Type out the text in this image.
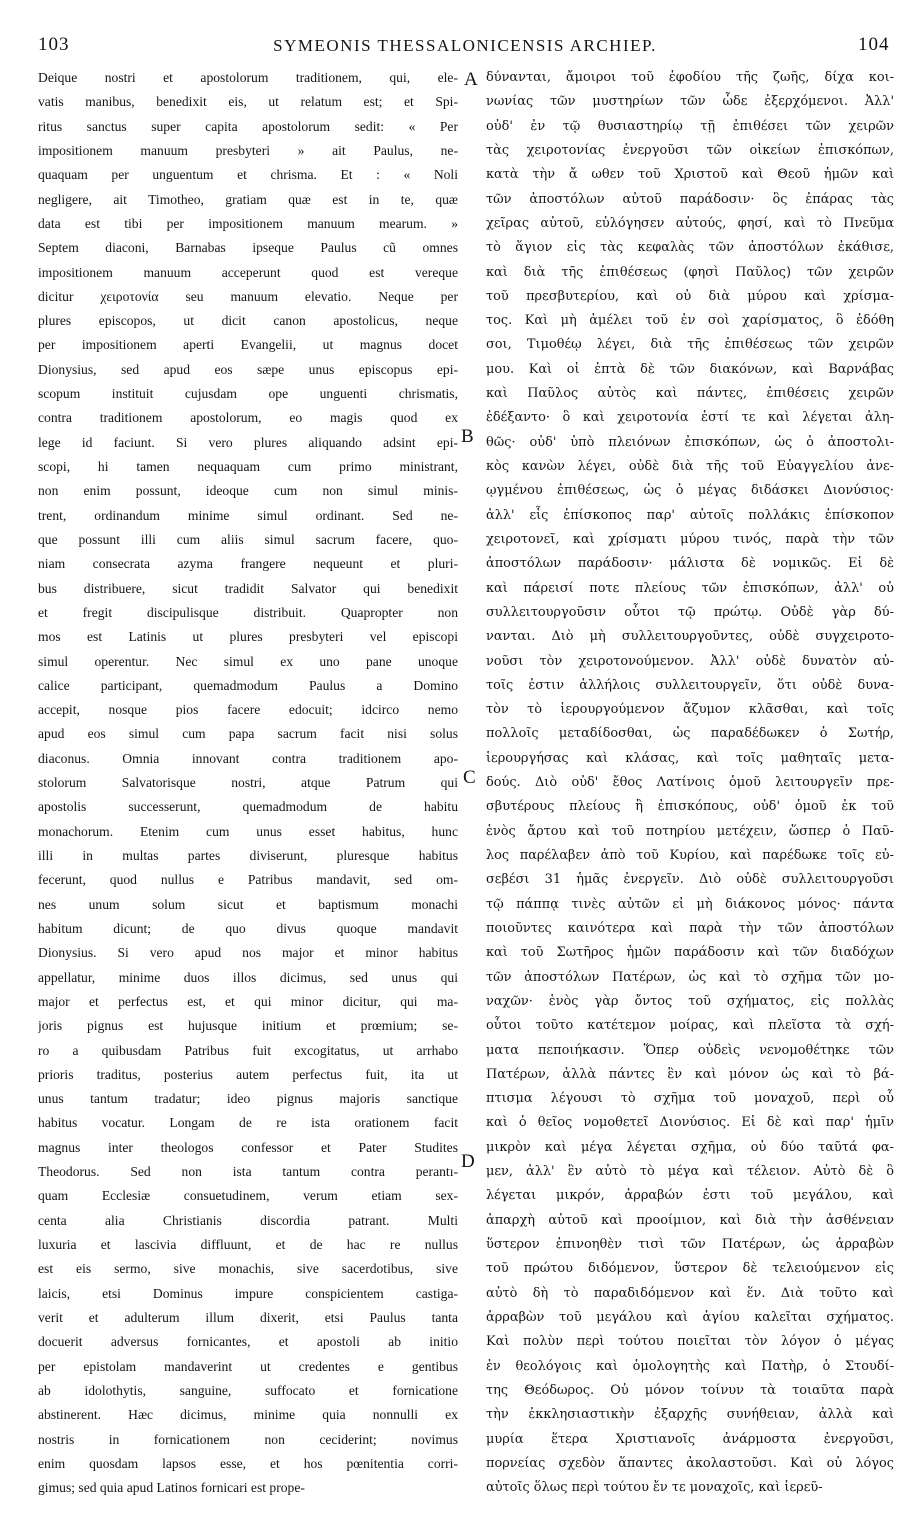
103	SYMEONIS THESSALONICENSIS ARCHIEP.	104
Deique nostri et apostolorum traditionem, qui, ele-
vatis manibus, benedixit eis, ut relatum est; et Spi-
ritus sanctus super capita apostolorum sedit: « Per
impositionem manuum presbyteri » ait Paulus, ne-
quaquam per unguentum et chrisma. Et : « Noli
negligere, ait Timotheo, gratiam quæ est in te, quæ
data est tibi per impositionem manuum mearum. »
Septem diaconi, Barnabas ipseque Paulus cũ omnes
impositionem manuum acceperunt quod est vereque
dicitur χειροτονία seu manuum elevatio. Neque per
plures episcopos, ut dicit canon apostolicus, neque
per impositionem aperti Evangelii, ut magnus docet
Dionysius, sed apud eos sæpe unus episcopus epi-
scopum instituit cujusdam ope unguenti chrismatis,
contra traditionem apostolorum, eo magis quod ex
lege id faciunt. Si vero plures aliquando adsint epi-
scopi, hi tamen nequaquam cum primo ministrant,
non enim possunt, ideoque cum non simul minis-
trent, ordinandum minime simul ordinant. Sed ne-
que possunt illi cum aliis simul sacrum facere, quo-
niam consecrata azyma frangere nequeunt et pluri-
bus distribuere, sicut tradidit Salvator qui benedixit
et fregit discipulisque distribuit. Quapropter non
mos est Latinis ut plures presbyteri vel episcopi
simul operentur. Nec simul ex uno pane unoque
calice participant, quemadmodum Paulus a Domino
accepit, nosque pios facere edocuit; idcirco nemo
apud eos simul cum papa sacrum facit nisi solus
diaconus. Omnia innovant contra traditionem apo-
stolorum Salvatorisque nostri, atque Patrum qui
apostolis successerunt, quemadmodum de habitu
monachorum. Etenim cum unus esset habitus, hunc
illi in multas partes diviserunt, pluresque habitus
fecerunt, quod nullus e Patribus mandavit, sed om-
nes unum solum sicut et baptismum monachi
habitum dicunt; de quo divus quoque mandavit
Dionysius. Si vero apud nos major et minor habitus
appellatur, minime duos illos dicimus, sed unus qui
major et perfectus est, et qui minor dicitur, qui ma-
joris pignus est hujusque initium et prœmium; se-
ro a quibusdam Patribus fuit excogitatus, ut arrhabo
prioris traditus, posterius autem perfectus fuit, ita ut
unus tantum tradatur; ideo pignus majoris sanctique
habitus vocatur. Longam de re ista orationem facit
magnus inter theologos confessor et Pater Studites
Theodorus. Sed non ista tantum contra perantı-
quam Ecclesiæ consuetudinem, verum etiam sex-
centa alia Christianis discordia patrant. Multi
luxuria et lascivia diffluunt, et de hac re nullus
est eis sermo, sive monachis, sive sacerdotibus, sive
laicis, etsi Dominus impure conspicientem castiga-
verit et adulterum illum dixerit, etsi Paulus tanta
docuerit adversus fornicantes, et apostoli ab initio
per epistolam mandaverint ut credentes e gentibus
ab idolothytis, sanguine, suffocato et fornicatione
abstinerent. Hæc dicimus, minime quia nonnulli ex
nostris in fornicationem non ceciderint; novimus
enim quosdam lapsos esse, et hos pœnitentia corri-
gimus; sed quia apud Latinos fornicari est prope-
δύνανται, ἄμοιροι τοῦ ἐφοδίου τῆς ζωῆς, δίχα κοι-
νωνίας τῶν μυστηρίων τῶν ὧδε ἐξερχόμενοι. Ἀλλ'
οὐδ' ἐν τῷ θυσιαστηρίῳ τῇ ἐπιθέσει τῶν χειρῶν
τὰς χειροτονίας ἐνεργοῦσι τῶν οἰκείων ἐπισκόπων,
κατὰ τὴν ἄ ωθεν τοῦ Χριστοῦ καὶ Θεοῦ ἡμῶν καὶ
τῶν ἀποστόλων αὐτοῦ παράδοσιν· ὃς ἐπάρας τὰς
χεῖρας αὐτοῦ, εὐλόγησεν αὐτούς, φησί, καὶ τὸ Πνεῦμα
τὸ ἅγιον εἰς τὰς κεφαλὰς τῶν ἀποστόλων ἐκάθισε,
καὶ διὰ τῆς ἐπιθέσεως (φησὶ Παῦλος) τῶν χειρῶν
τοῦ πρεσβυτερίου, καὶ οὐ διὰ μύρου καὶ χρίσμα-
τος. Καὶ μὴ ἀμέλει τοῦ ἐν σοὶ χαρίσματος, ὃ ἐδόθη
σοι, Τιμοθέῳ λέγει, διὰ τῆς ἐπιθέσεως τῶν χειρῶν
μου. Καὶ οἱ ἑπτὰ δὲ τῶν διακόνων, καὶ Βαρνάβας
καὶ Παῦλος αὐτὸς καὶ πάντες, ἐπιθέσεις χειρῶν
ἐδέξαντο· ὃ καὶ χειροτονία ἐστί τε καὶ λέγεται ἀλη-
θῶς· οὐδ' ὑπὸ πλειόνων ἐπισκόπων, ὡς ὁ ἀποστολι-
κὸς κανὼν λέγει, οὐδὲ διὰ τῆς τοῦ Εὐαγγελίου ἀνε-
ῳγμένου ἐπιθέσεως, ὡς ὁ μέγας διδάσκει Διονύσιος·
ἀλλ' εἷς ἐπίσκοπος παρ' αὐτοῖς πολλάκις ἐπίσκοπον
χειροτονεῖ, καὶ χρίσματι μύρου τινός, παρὰ τὴν τῶν
ἀποστόλων παράδοσιν· μάλιστα δὲ νομικῶς. Εἰ δὲ
καὶ πάρεισί ποτε πλείους τῶν ἐπισκόπων, ἀλλ' οὐ
συλλειτουργοῦσιν οὗτοι τῷ πρώτῳ. Οὐδὲ γὰρ δύ-
νανται. Διὸ μὴ συλλειτουργοῦντες, οὐδὲ συγχειροτο-
νοῦσι τὸν χειροτονούμενον. Ἀλλ' οὐδὲ δυνατὸν αὐ-
τοῖς ἐστιν ἀλλήλοις συλλειτουργεῖν, ὅτι οὐδὲ δυνα-
τὸν τὸ ἱερουργούμενον ἄζυμον κλᾶσθαι, καὶ τοῖς
πολλοῖς μεταδίδοσθαι, ὡς παραδέδωκεν ὁ Σωτήρ,
ἱερουργήσας καὶ κλάσας, καὶ τοῖς μαθηταῖς μετα-
δούς. Διὸ οὐδ' ἔθος Λατίνοις ὁμοῦ λειτουργεῖν πρε-
σβυτέρους πλείους ἢ ἐπισκόπους, οὐδ' ὁμοῦ ἐκ τοῦ
ἑνὸς ἄρτου καὶ τοῦ ποτηρίου μετέχειν, ὥσπερ ὁ Παῦ-
λος παρέλαβεν ἀπὸ τοῦ Κυρίου, καὶ παρέδωκε τοῖς εὐ-
σεβέσι 31 ἡμᾶς ἐνεργεῖν. Διὸ οὐδὲ συλλειτουργοῦσι
τῷ πάππᾳ τινὲς αὐτῶν εἰ μὴ διάκονος μόνος· πάντα
ποιοῦντες καινότερα καὶ παρὰ τὴν τῶν ἀποστόλων
καὶ τοῦ Σωτῆρος ἡμῶν παράδοσιν καὶ τῶν διαδόχων
τῶν ἀποστόλων Πατέρων, ὡς καὶ τὸ σχῆμα τῶν μο-
ναχῶν· ἑνὸς γὰρ ὄντος τοῦ σχήματος, εἰς πολλὰς
οὗτοι τοῦτο κατέτεμον μοίρας, καὶ πλεῖστα τὰ σχή-
ματα πεποιήκασιν. Ὅπερ οὐδεὶς νενομοθέτηκε τῶν
Πατέρων, ἀλλὰ πάντες ἓν καὶ μόνον ὡς καὶ τὸ βά-
πτισμα λέγουσι τὸ σχῆμα τοῦ μοναχοῦ, περὶ οὗ
καὶ ὁ θεῖος νομοθετεῖ Διονύσιος. Εἰ δὲ καὶ παρ' ἡμῖν
μικρὸν καὶ μέγα λέγεται σχῆμα, οὐ δύο ταῦτά φα-
μεν, ἀλλ' ἓν αὐτὸ τὸ μέγα καὶ τέλειον. Αὐτὸ δὲ ὃ
λέγεται μικρόν, ἀρραβών ἐστι τοῦ μεγάλου, καὶ
ἀπαρχὴ αὐτοῦ καὶ προοίμιον, καὶ διὰ τὴν ἀσθένειαν
ὕστερον ἐπινοηθὲν τισὶ τῶν Πατέρων, ὡς ἀρραβὼν
τοῦ πρώτου διδόμενον, ὕστερον δὲ τελειούμενον εἰς
αὐτὸ δὴ τὸ παραδιδόμενον καὶ ἕν. Διὰ τοῦτο καὶ
ἀρραβὼν τοῦ μεγάλου καὶ ἁγίου καλεῖται σχήματος.
Καὶ πολὺν περὶ τούτου ποιεῖται τὸν λόγον ὁ μέγας
ἐν θεολόγοις καὶ ὁμολογητὴς καὶ Πατὴρ, ὁ Στουδί-
της Θεόδωρος. Οὐ μόνον τοίνυν τὰ τοιαῦτα παρὰ
τὴν ἐκκλησιαστικὴν ἐξαρχῆς συνήθειαν, ἀλλὰ καὶ
μυρία ἕτερα Χριστιανοῖς ἀνάρμοστα ἐνεργοῦσι,
πορνείας σχεδὸν ἅπαντες ἀκολαστοῦσι. Καὶ οὐ λόγος
αὐτοῖς ὅλως περὶ τούτου ἔν τε μοναχοῖς, καὶ ἱερεῦ-
A
B
C
D
